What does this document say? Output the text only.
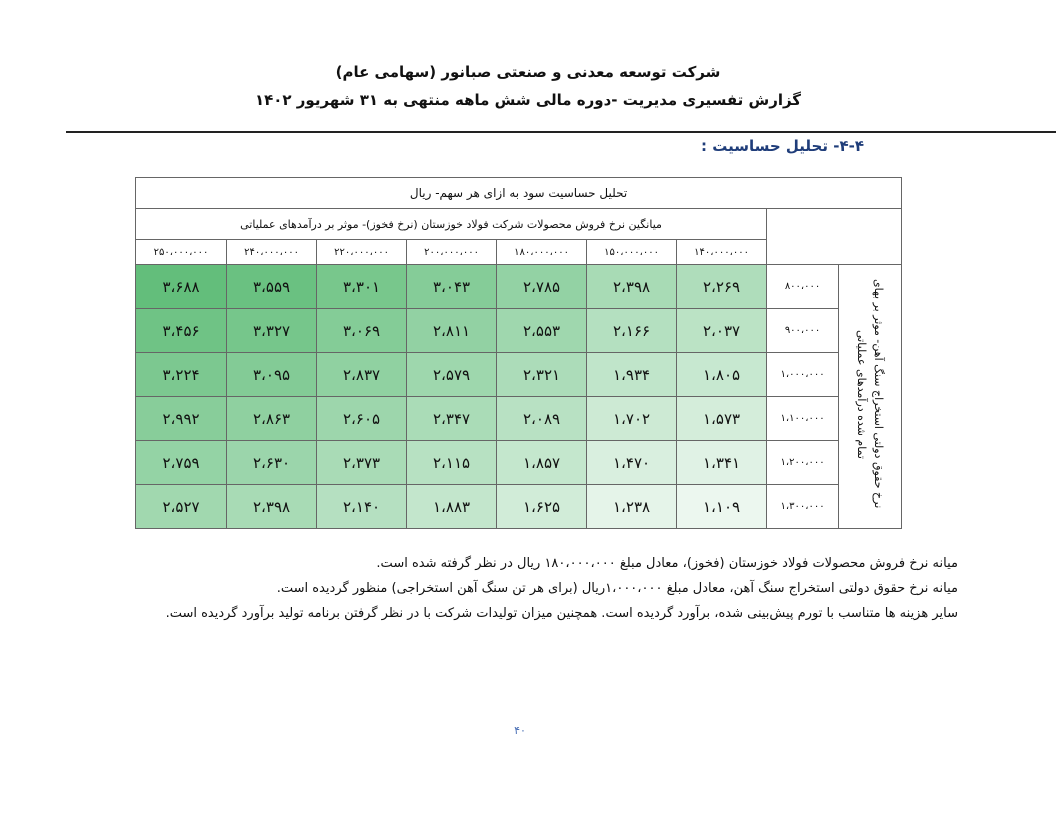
شرکت توسعه معدنی و صنعتی صبانور (سهامی عام)
گزارش تفسیری مدیریت -دوره مالی شش ماهه منتهی به ۳۱ شهریور ۱۴۰۲
۴-۴- تحلیل حساسیت :
تحلیل حساسیت سود به ازای هر سهم- ریال								
		میانگین نرخ فروش محصولات شرکت فولاد خوزستان (نرخ فخوز)- موثر بر درآمدهای عملیاتی						
		۱۴۰،۰۰۰،۰۰۰	۱۵۰،۰۰۰،۰۰۰	۱۸۰،۰۰۰،۰۰۰	۲۰۰،۰۰۰،۰۰۰	۲۲۰،۰۰۰،۰۰۰	۲۴۰،۰۰۰،۰۰۰	۲۵۰،۰۰۰،۰۰۰
نرخ حقوق دولتی استخراج سنگ آهن- موثر بر بهای تمام شده درآمدهای عملیاتی	۸۰۰،۰۰۰	۲،۲۶۹	۲،۳۹۸	۲،۷۸۵	۳،۰۴۳	۳،۳۰۱	۳،۵۵۹	۳،۶۸۸
	۹۰۰،۰۰۰	۲،۰۳۷	۲،۱۶۶	۲،۵۵۳	۲،۸۱۱	۳،۰۶۹	۳،۳۲۷	۳،۴۵۶
	۱،۰۰۰،۰۰۰	۱،۸۰۵	۱،۹۳۴	۲،۳۲۱	۲،۵۷۹	۲،۸۳۷	۳،۰۹۵	۳،۲۲۴
	۱،۱۰۰،۰۰۰	۱،۵۷۳	۱،۷۰۲	۲،۰۸۹	۲،۳۴۷	۲،۶۰۵	۲،۸۶۳	۲،۹۹۲
	۱،۲۰۰،۰۰۰	۱،۳۴۱	۱،۴۷۰	۱،۸۵۷	۲،۱۱۵	۲،۳۷۳	۲،۶۳۰	۲،۷۵۹
	۱،۳۰۰،۰۰۰	۱،۱۰۹	۱،۲۳۸	۱،۶۲۵	۱،۸۸۳	۲،۱۴۰	۲،۳۹۸	۲،۵۲۷
میانه نرخ فروش محصولات فولاد خوزستان (فخوز)، معادل مبلغ ۱۸۰،۰۰۰،۰۰۰ ریال در نظر گرفته شده است.
میانه نرخ حقوق دولتی استخراج سنگ آهن، معادل مبلغ ۱،۰۰۰،۰۰۰ریال (برای هر تن سنگ آهن استخراجی) منظور گردیده است.
سایر هزینه ها متناسب با تورم پیش‌بینی شده، برآورد گردیده است. همچنین میزان تولیدات شرکت با در نظر گرفتن برنامه تولید برآورد گردیده است.
۴۰
